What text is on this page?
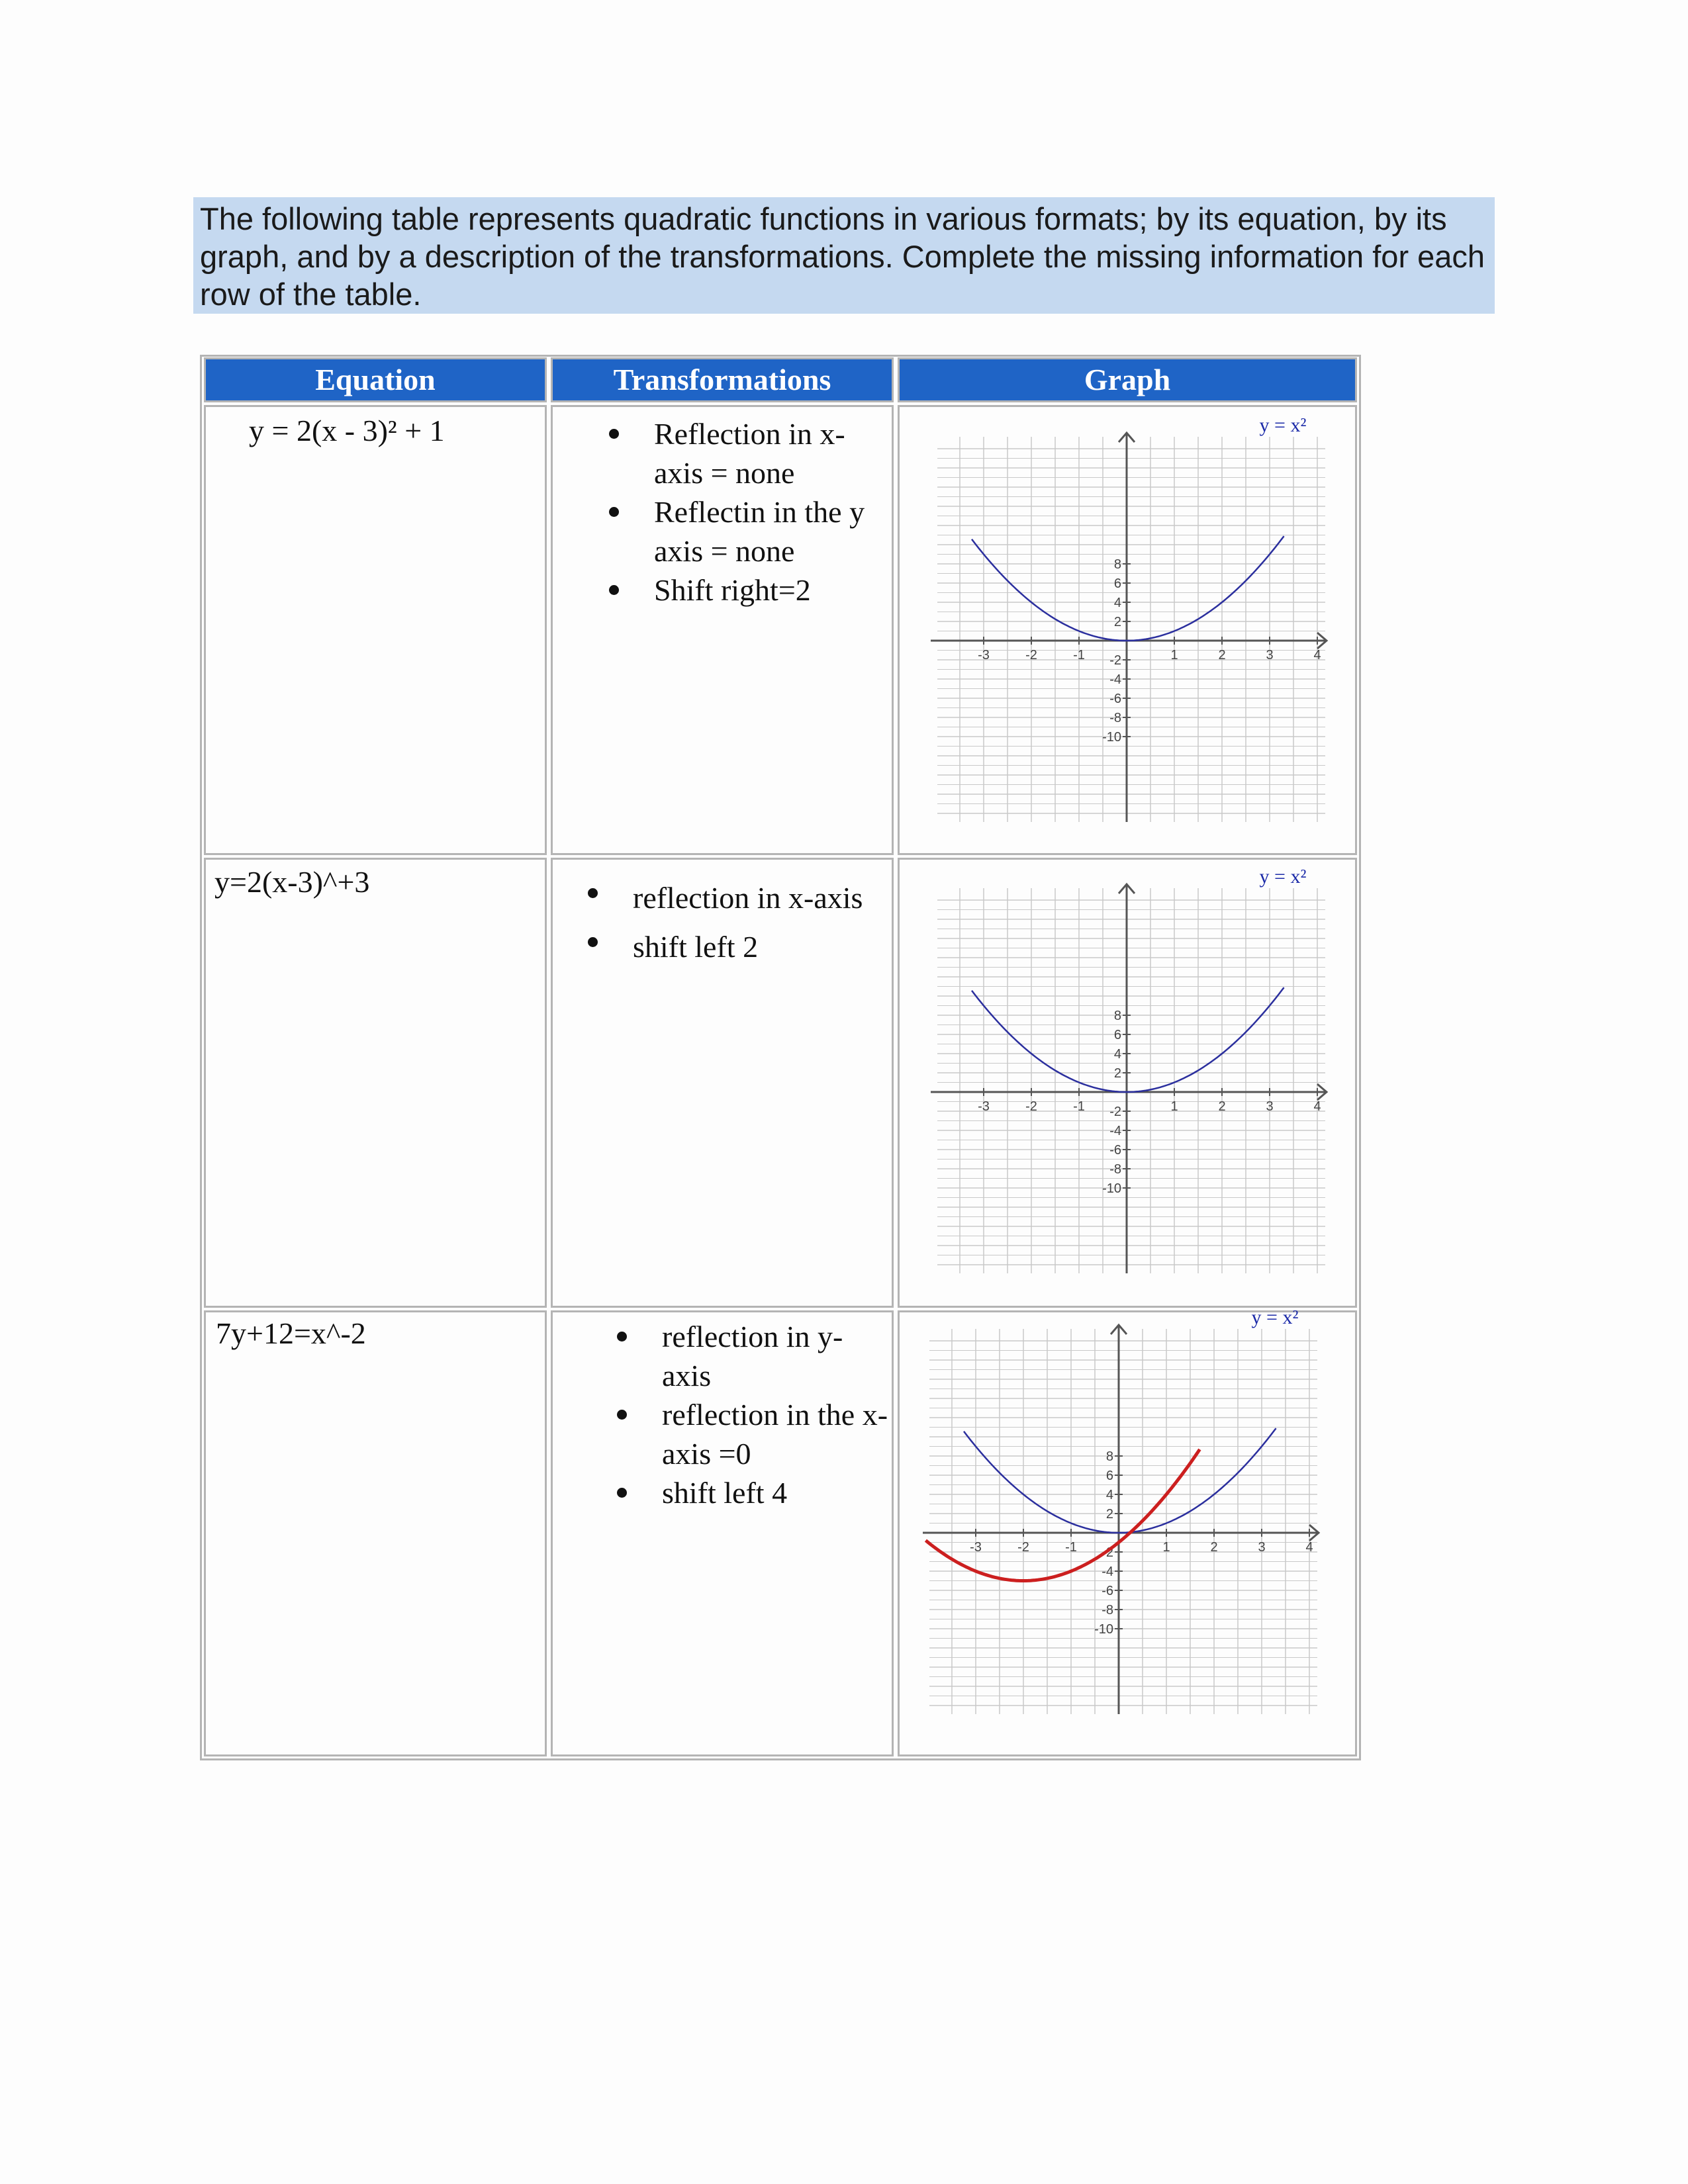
The following table represents quadratic functions in various formats; by its equation, by its graph, and by a description of the transformations. Complete the missing information for each row of the table.
Equation	Transformations	Graph
y = 2(x - 3)² + 1	Reflection in x-axis = none
Reflectin in the y axis = none
Shift right=2
-3	-2	-1	1	2	3	4
8
6
4
2
-2
-4
-6
-8
-10
y = x²
y=2(x-3)^+3	reflection in x-axis
shift left 2
-3	-2	-1	1	2	3	4
8
6
4
2
-2
-4
-6
-8
-10
y = x²
7y+12=x^-2	reflection in y-axis
reflection in the x-axis =0
shift left 4
-3	-2	-1	1	2	3	4
8
6
4
2
-2
-4
-6
-8
-10
y = x²
